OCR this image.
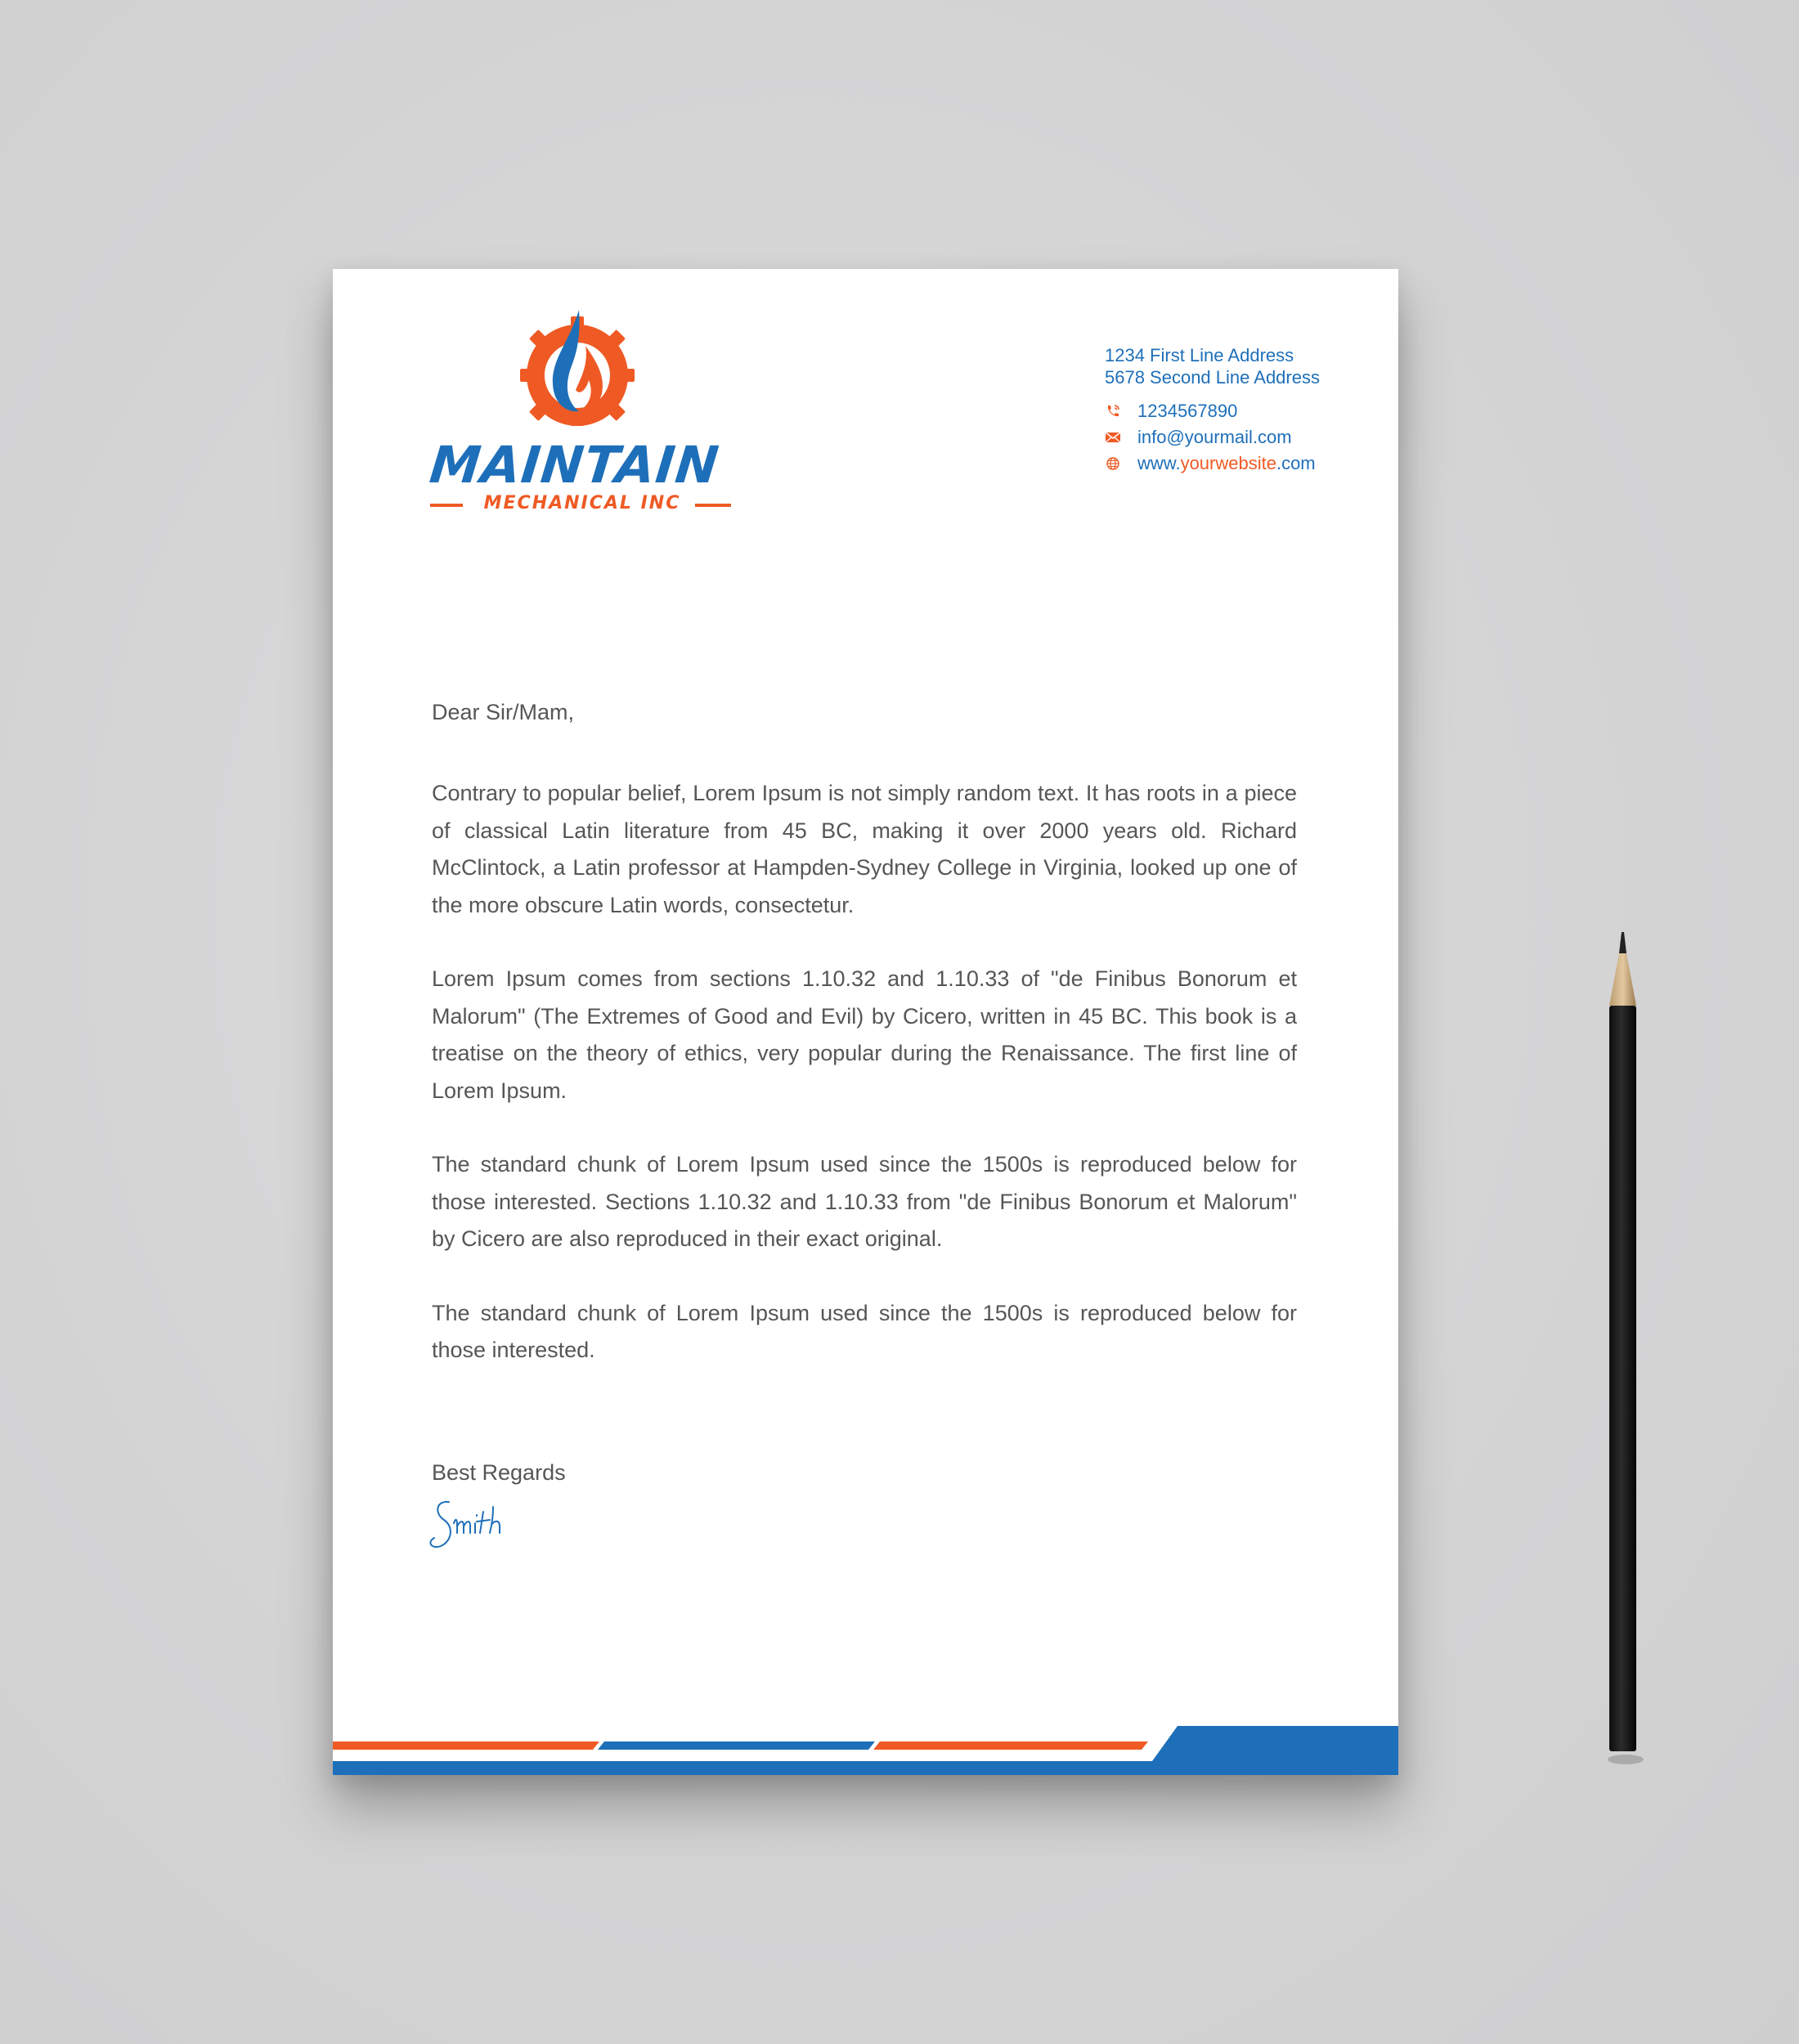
MAINTAIN
MECHANICAL INC
1234 First Line Address
5678 Second Line Address
1234567890
info@yourmail.com
www.yourwebsite.com

Dear Sir/Mam,

Contrary to popular belief, Lorem Ipsum is not simply random text. It has roots in a piece of classical Latin literature from 45 BC, making it over 2000 years old. Richard McClintock, a Latin professor at Hampden-Sydney College in Virginia, looked up one of the more obscure Latin words, consectetur.

Lorem Ipsum comes from sections 1.10.32 and 1.10.33 of "de Finibus Bonorum et Malorum" (The Extremes of Good and Evil) by Cicero, written in 45 BC. This book is a treatise on the theory of ethics, very popular during the Renaissance. The first line of Lorem Ipsum.

The standard chunk of Lorem Ipsum used since the 1500s is reproduced below for those interested. Sections 1.10.32 and 1.10.33 from "de Finibus Bonorum et Malorum" by Cicero are also reproduced in their exact original.

The standard chunk of Lorem Ipsum used since the 1500s is reproduced below for those interested.

Best Regards
